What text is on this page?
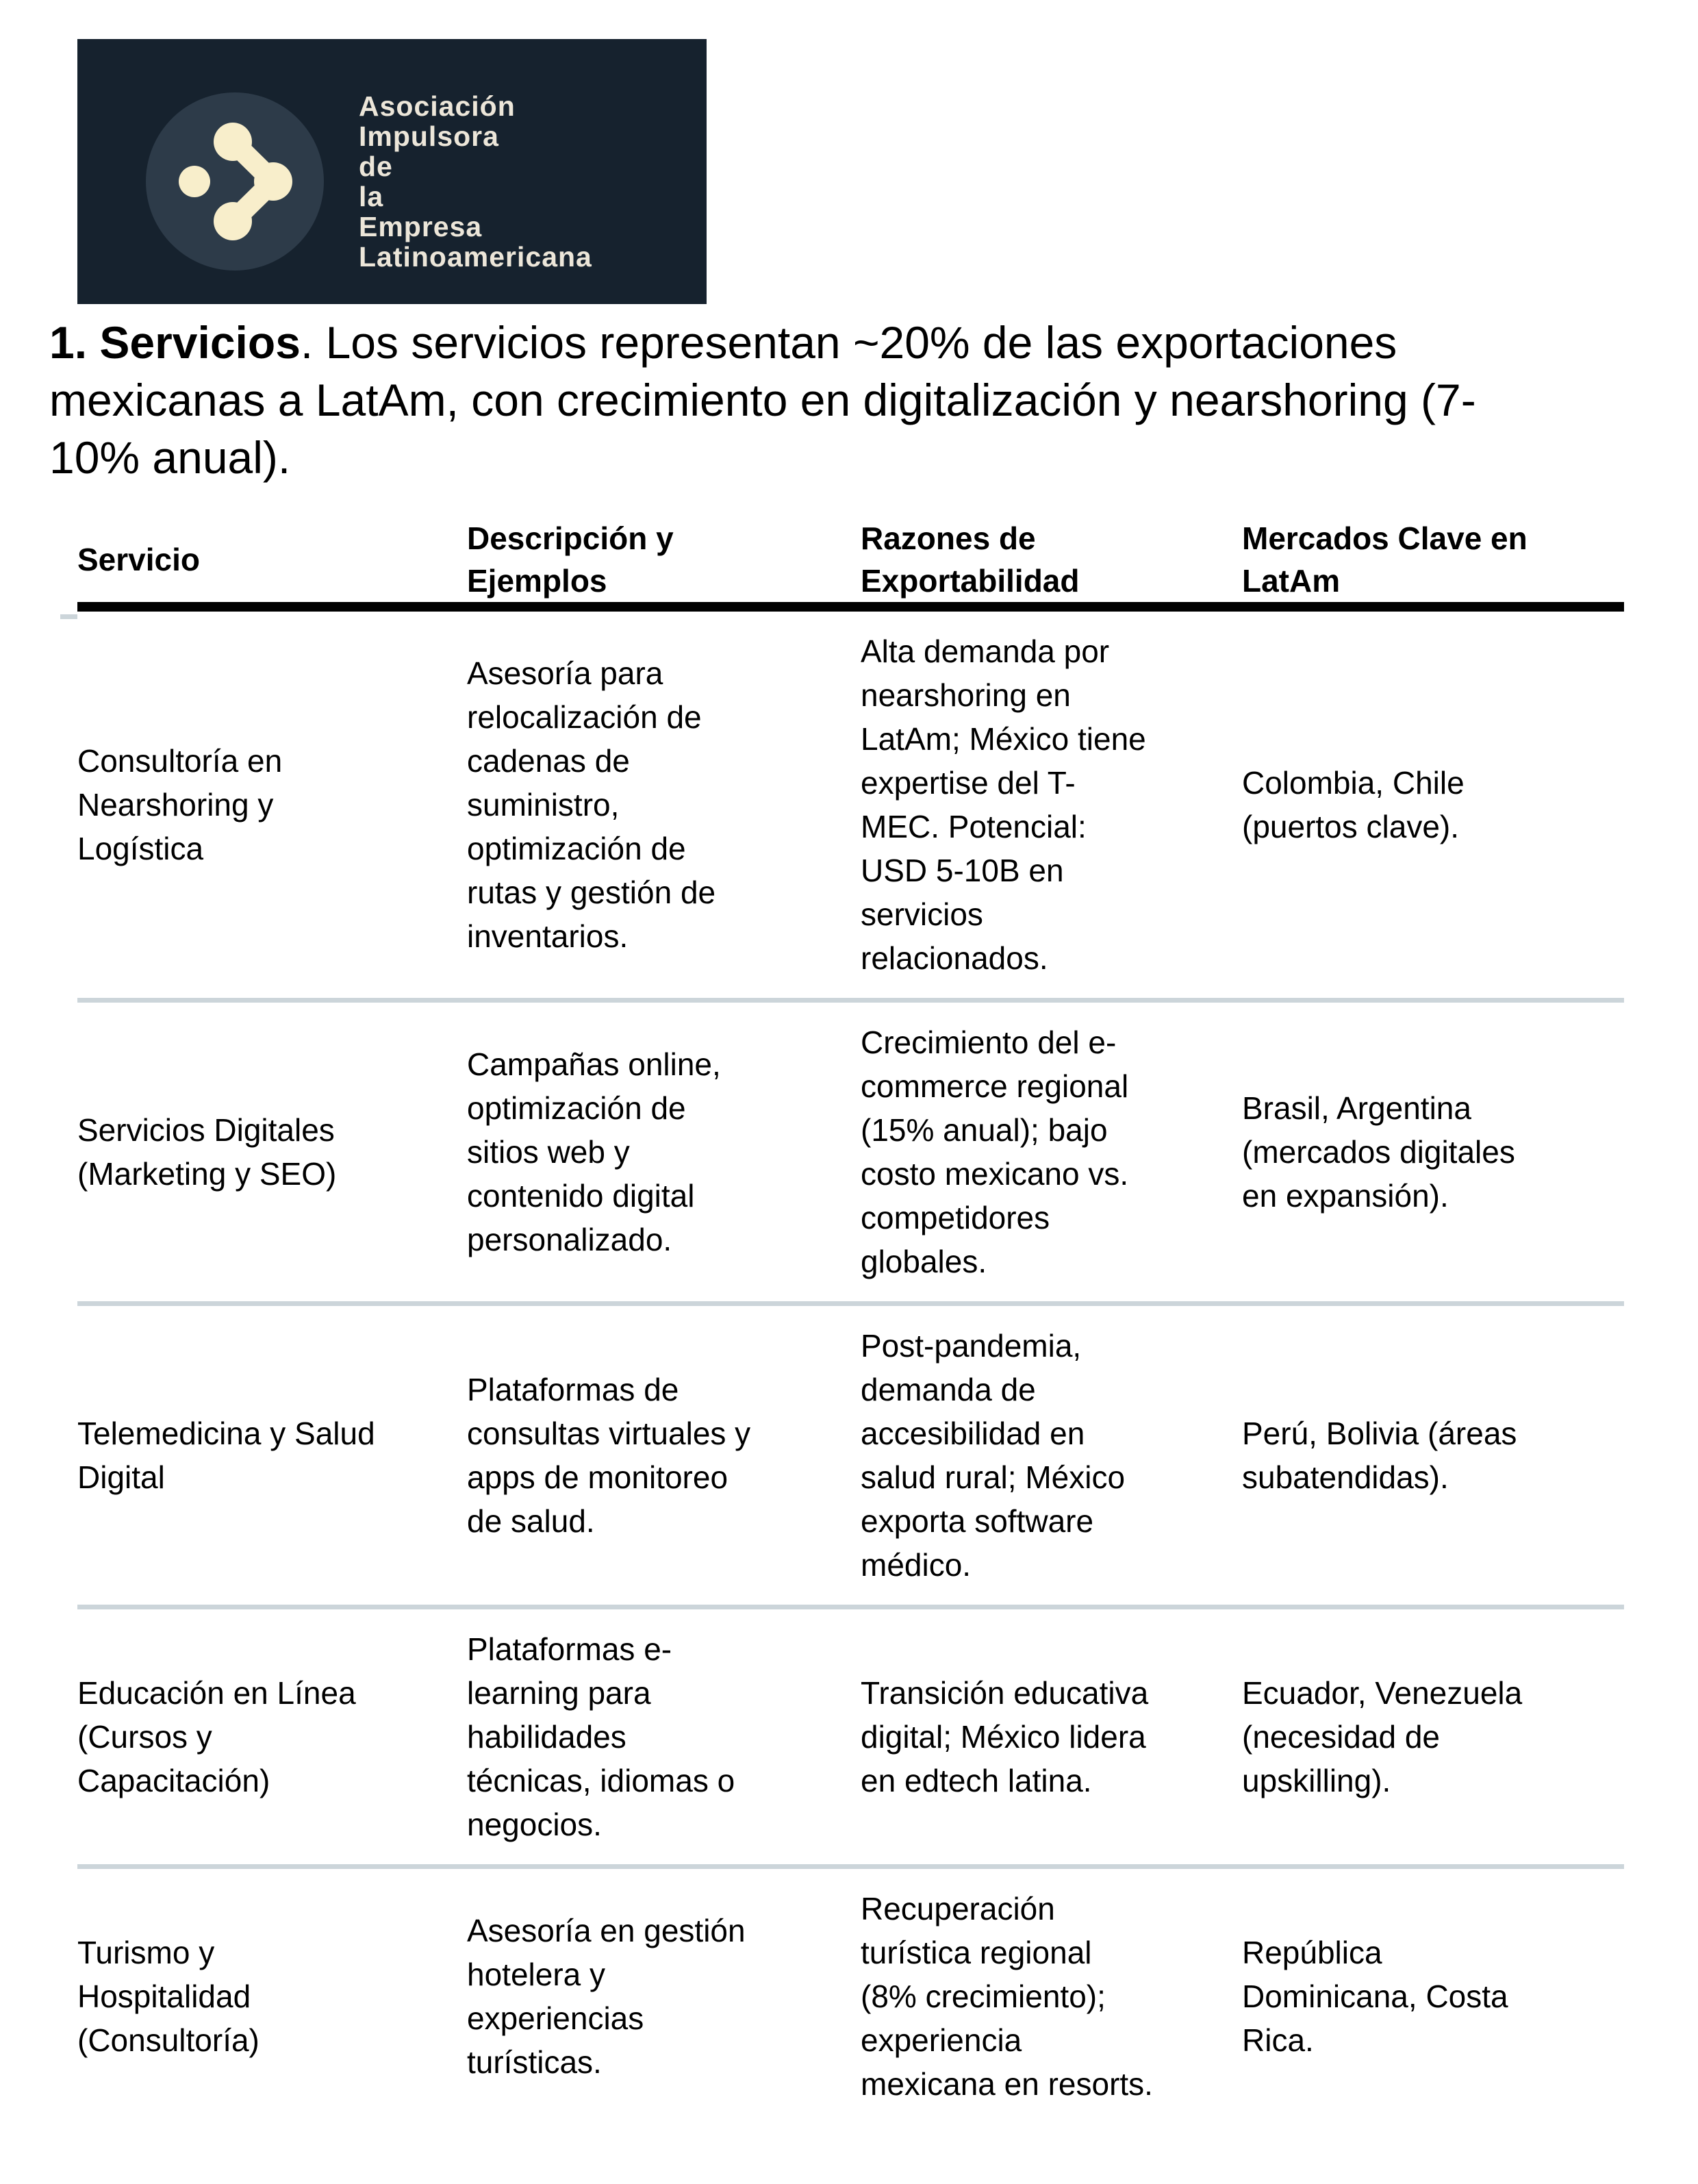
Asociación
Impulsora
de
la
Empresa
Latinoamericana
1. Servicios. Los servicios representan ~20% de las exportaciones mexicanas a LatAm, con crecimiento en digitalización y nearshoring (7-10% anual).
Servicio	Descripción y Ejemplos	Razones de Exportabilidad	Mercados Clave en LatAm
Consultoría en Nearshoring y Logística	Asesoría para relocalización de cadenas de suministro, optimización de rutas y gestión de inventarios.	Alta demanda por nearshoring en LatAm; México tiene expertise del T-MEC. Potencial: USD 5-10B en servicios relacionados.	Colombia, Chile (puertos clave).
Servicios Digitales (Marketing y SEO)	Campañas online, optimización de sitios web y contenido digital personalizado.	Crecimiento del e-commerce regional (15% anual); bajo costo mexicano vs. competidores globales.	Brasil, Argentina (mercados digitales en expansión).
Telemedicina y Salud Digital	Plataformas de consultas virtuales y apps de monitoreo de salud.	Post-pandemia, demanda de accesibilidad en salud rural; México exporta software médico.	Perú, Bolivia (áreas subatendidas).
Educación en Línea (Cursos y Capacitación)	Plataformas e-learning para habilidades técnicas, idiomas o negocios.	Transición educativa digital; México lidera en edtech latina.	Ecuador, Venezuela (necesidad de upskilling).
Turismo y Hospitalidad (Consultoría)	Asesoría en gestión hotelera y experiencias turísticas.	Recuperación turística regional (8% crecimiento); experiencia mexicana en resorts.	República Dominicana, Costa Rica.
